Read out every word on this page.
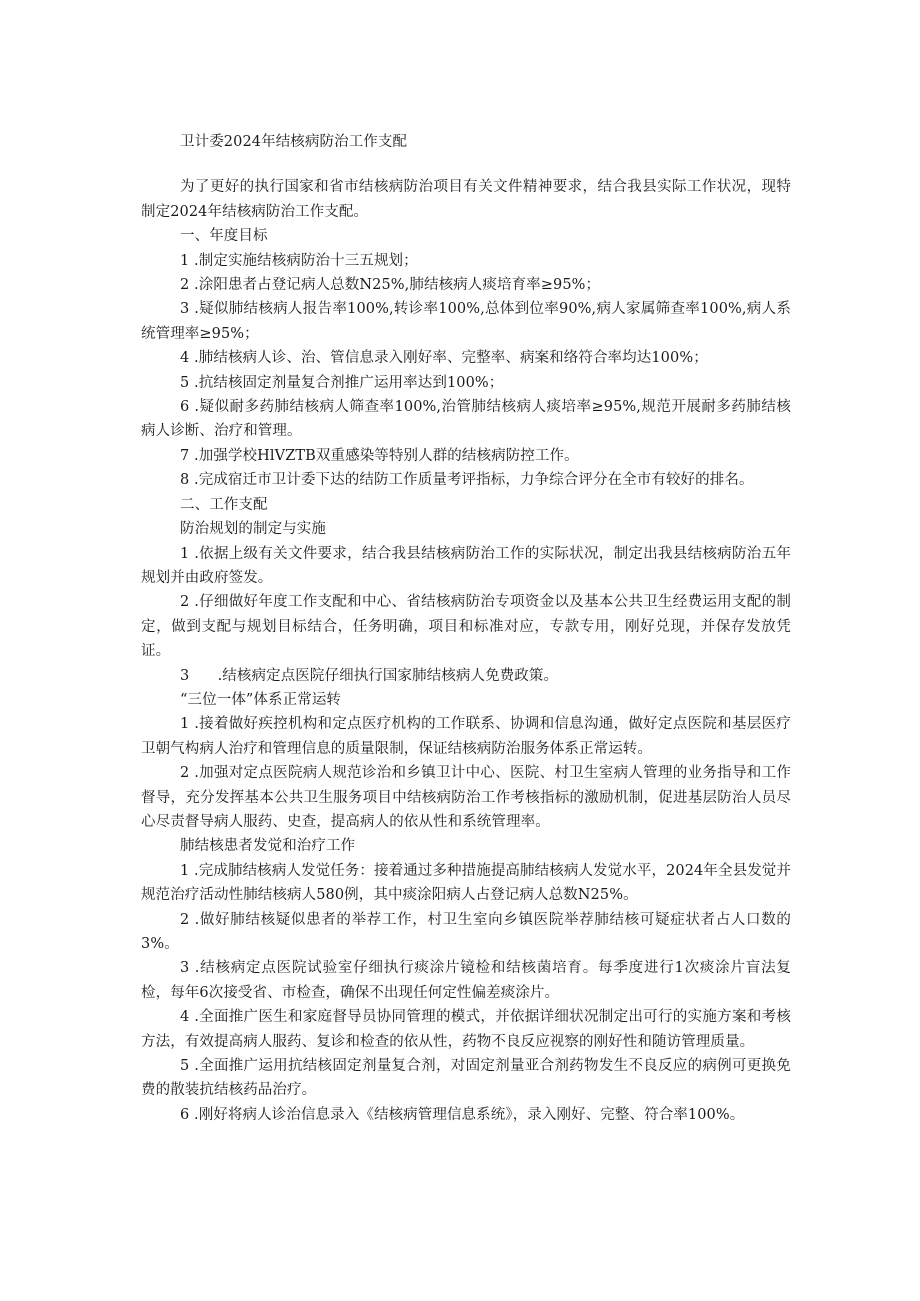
卫计委2024年结核病防治工作支配

为了更好的执行国家和省市结核病防治项目有关文件精神要求，结合我县实际工作状况，现特制定2024年结核病防治工作支配。

一、年度目标

1 .制定实施结核病防治十三五规划；

2 .涂阳患者占登记病人总数N25%,肺结核病人痰培育率≥95%；

3 .疑似肺结核病人报告率100%,转诊率100%,总体到位率90%,病人家属筛查率100%,病人系统管理率≥95%；

4 .肺结核病人诊、治、管信息录入刚好率、完整率、病案和络符合率均达100%；

5 .抗结核固定剂量复合剂推广运用率达到100%；

6 .疑似耐多药肺结核病人筛查率100%,治管肺结核病人痰培率≥95%,规范开展耐多药肺结核病人诊断、治疗和管理。

7 .加强学校HlVZTB双重感染等特别人群的结核病防控工作。

8 .完成宿迁市卫计委下达的结防工作质量考评指标，力争综合评分在全市有较好的排名。

二、工作支配

防治规划的制定与实施

1 .依据上级有关文件要求，结合我县结核病防治工作的实际状况，制定出我县结核病防治五年规划并由政府签发。

2 .仔细做好年度工作支配和中心、省结核病防治专项资金以及基本公共卫生经费运用支配的制定，做到支配与规划目标结合，任务明确，项目和标准对应，专款专用，刚好兑现，并保存发放凭证。

3      .结核病定点医院仔细执行国家肺结核病人免费政策。

“三位一体”体系正常运转

1 .接着做好疾控机构和定点医疗机构的工作联系、协调和信息沟通，做好定点医院和基层医疗卫朝气构病人治疗和管理信息的质量限制，保证结核病防治服务体系正常运转。

2 .加强对定点医院病人规范诊治和乡镇卫计中心、医院、村卫生室病人管理的业务指导和工作督导，充分发挥基本公共卫生服务项目中结核病防治工作考核指标的激励机制，促进基层防治人员尽心尽责督导病人服药、史查，提高病人的依从性和系统管理率。

肺结核患者发觉和治疗工作

1 .完成肺结核病人发觉任务：接着通过多种措施提高肺结核病人发觉水平，2024年全县发觉并规范治疗活动性肺结核病人580例，其中痰涂阳病人占登记病人总数N25%。

2 .做好肺结核疑似患者的举荐工作，村卫生室向乡镇医院举荐肺结核可疑症状者占人口数的3%。

3 .结核病定点医院试验室仔细执行痰涂片镜检和结核菌培育。每季度进行1次痰涂片盲法复检，每年6次接受省、市检查，确保不出现任何定性偏差痰涂片。

4 .全面推广医生和家庭督导员协同管理的模式，并依据详细状况制定出可行的实施方案和考核方法，有效提高病人服药、复诊和检查的依从性，药物不良反应视察的刚好性和随访管理质量。

5 .全面推广运用抗结核固定剂量复合剂，对固定剂量亚合剂药物发生不良反应的病例可更换免费的散装抗结核药品治疗。

6 .刚好将病人诊治信息录入《结核病管理信息系统》，录入刚好、完整、符合率100%。
